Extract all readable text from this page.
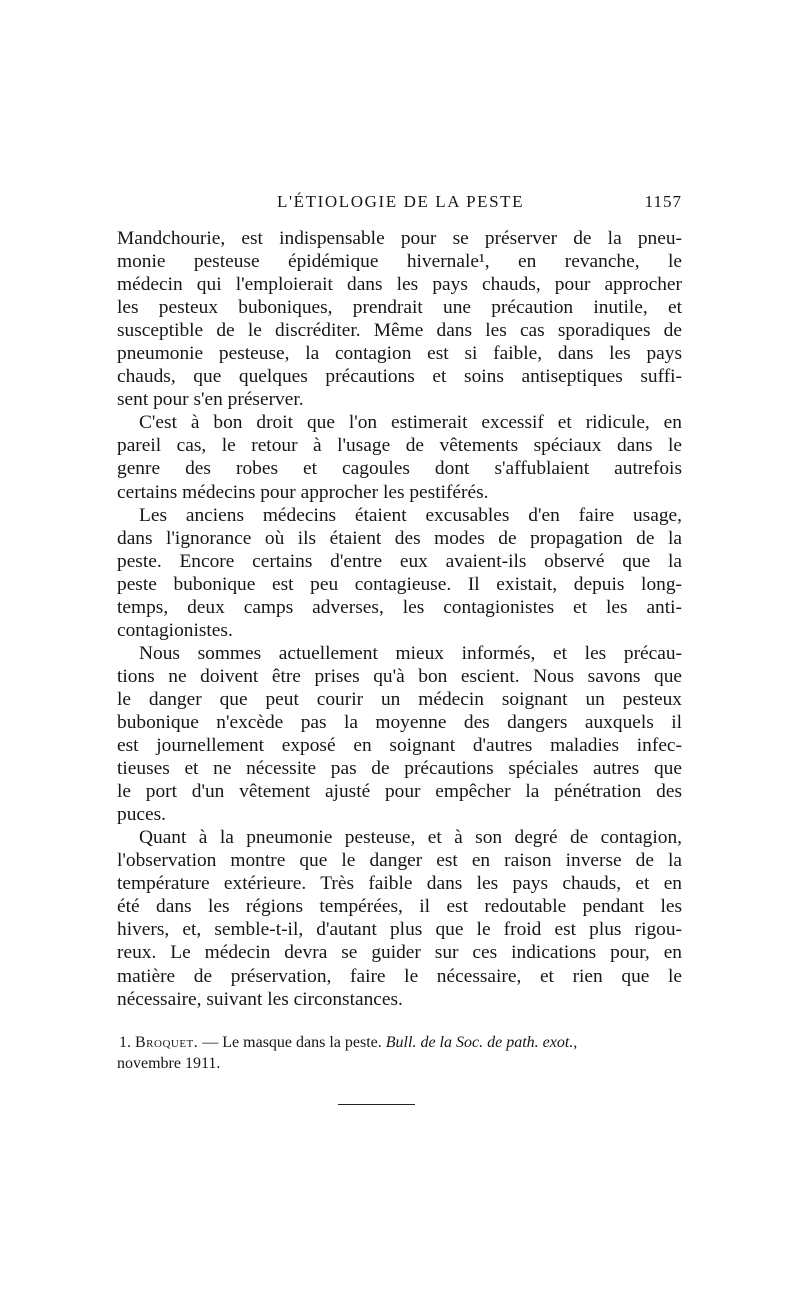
L'ÉTIOLOGIE DE LA PESTE	1157
Mandchourie, est indispensable pour se préserver de la pneu-
monie pesteuse épidémique hivernale¹, en revanche, le
médecin qui l'emploierait dans les pays chauds, pour approcher
les pesteux buboniques, prendrait une précaution inutile, et
susceptible de le discréditer. Même dans les cas sporadiques de
pneumonie pesteuse, la contagion est si faible, dans les pays
chauds, que quelques précautions et soins antiseptiques suffi-
sent pour s'en préserver.
C'est à bon droit que l'on estimerait excessif et ridicule, en
pareil cas, le retour à l'usage de vêtements spéciaux dans le
genre des robes et cagoules dont s'affublaient autrefois
certains médecins pour approcher les pestiférés.
Les anciens médecins étaient excusables d'en faire usage,
dans l'ignorance où ils étaient des modes de propagation de la
peste. Encore certains d'entre eux avaient-ils observé que la
peste bubonique est peu contagieuse. Il existait, depuis long-
temps, deux camps adverses, les contagionistes et les anti-
contagionistes.
Nous sommes actuellement mieux informés, et les précau-
tions ne doivent être prises qu'à bon escient. Nous savons que
le danger que peut courir un médecin soignant un pesteux
bubonique n'excède pas la moyenne des dangers auxquels il
est journellement exposé en soignant d'autres maladies infec-
tieuses et ne nécessite pas de précautions spéciales autres que
le port d'un vêtement ajusté pour empêcher la pénétration des
puces.
Quant à la pneumonie pesteuse, et à son degré de contagion,
l'observation montre que le danger est en raison inverse de la
température extérieure. Très faible dans les pays chauds, et en
été dans les régions tempérées, il est redoutable pendant les
hivers, et, semble-t-il, d'autant plus que le froid est plus rigou-
reux. Le médecin devra se guider sur ces indications pour, en
matière de préservation, faire le nécessaire, et rien que le
nécessaire, suivant les circonstances.
1. Broquet. — Le masque dans la peste. Bull. de la Soc. de path. exot.,
novembre 1911.
